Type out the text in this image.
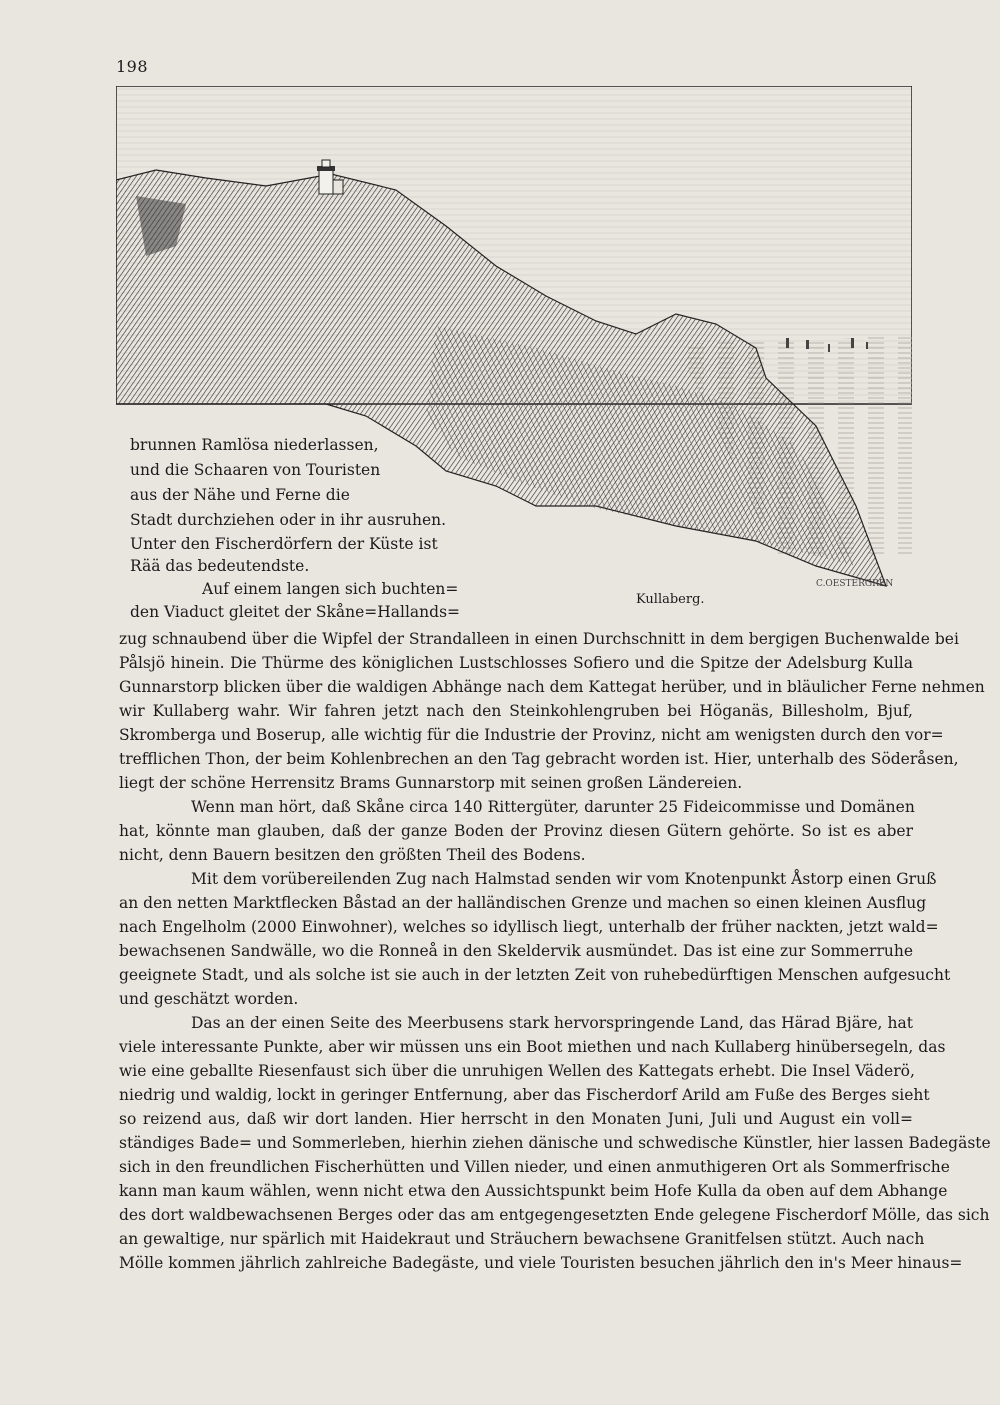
198
C.OESTERGREN
Kullaberg.
brunnen Ramlösa niederlassen,
und die Schaaren von Touristen
aus der Nähe und Ferne die
Stadt durchziehen oder in ihr ausruhen.
Unter den Fischerdörfern der Küste ist
Rää das bedeutendste.
Auf einem langen sich buchten=
den Viaduct gleitet der Skåne=Hallands=
zug schnaubend über die Wipfel der Strandalleen in einen Durchschnitt in dem bergigen Buchenwalde bei
Pålsjö hinein. Die Thürme des königlichen Lustschlosses Sofiero und die Spitze der Adelsburg Kulla
Gunnarstorp blicken über die waldigen Abhänge nach dem Kattegat herüber, und in bläulicher Ferne nehmen
wir Kullaberg wahr. Wir fahren jetzt nach den Steinkohlengruben bei Höganäs, Billesholm, Bjuf,
Skromberga und Boserup, alle wichtig für die Industrie der Provinz, nicht am wenigsten durch den vor=
trefflichen Thon, der beim Kohlenbrechen an den Tag gebracht worden ist. Hier, unterhalb des Söderåsen,
liegt der schöne Herrensitz Brams Gunnarstorp mit seinen großen Ländereien.
Wenn man hört, daß Skåne circa 140 Rittergüter, darunter 25 Fideicommisse und Domänen
hat, könnte man glauben, daß der ganze Boden der Provinz diesen Gütern gehörte. So ist es aber
nicht, denn Bauern besitzen den größten Theil des Bodens.
Mit dem vorübereilenden Zug nach Halmstad senden wir vom Knotenpunkt Åstorp einen Gruß
an den netten Marktflecken Båstad an der halländischen Grenze und machen so einen kleinen Ausflug
nach Engelholm (2000 Einwohner), welches so idyllisch liegt, unterhalb der früher nackten, jetzt wald=
bewachsenen Sandwälle, wo die Ronneå in den Skeldervik ausmündet. Das ist eine zur Sommerruhe
geeignete Stadt, und als solche ist sie auch in der letzten Zeit von ruhebedürftigen Menschen aufgesucht
und geschätzt worden.
Das an der einen Seite des Meerbusens stark hervorspringende Land, das Härad Bjäre, hat
viele interessante Punkte, aber wir müssen uns ein Boot miethen und nach Kullaberg hinübersegeln, das
wie eine geballte Riesenfaust sich über die unruhigen Wellen des Kattegats erhebt. Die Insel Väderö,
niedrig und waldig, lockt in geringer Entfernung, aber das Fischerdorf Arild am Fuße des Berges sieht
so reizend aus, daß wir dort landen. Hier herrscht in den Monaten Juni, Juli und August ein voll=
ständiges Bade= und Sommerleben, hierhin ziehen dänische und schwedische Künstler, hier lassen Badegäste
sich in den freundlichen Fischerhütten und Villen nieder, und einen anmuthigeren Ort als Sommerfrische
kann man kaum wählen, wenn nicht etwa den Aussichtspunkt beim Hofe Kulla da oben auf dem Abhange
des dort waldbewachsenen Berges oder das am entgegengesetzten Ende gelegene Fischerdorf Mölle, das sich
an gewaltige, nur spärlich mit Haidekraut und Sträuchern bewachsene Granitfelsen stützt. Auch nach
Mölle kommen jährlich zahlreiche Badegäste, und viele Touristen besuchen jährlich den in's Meer hinaus=
